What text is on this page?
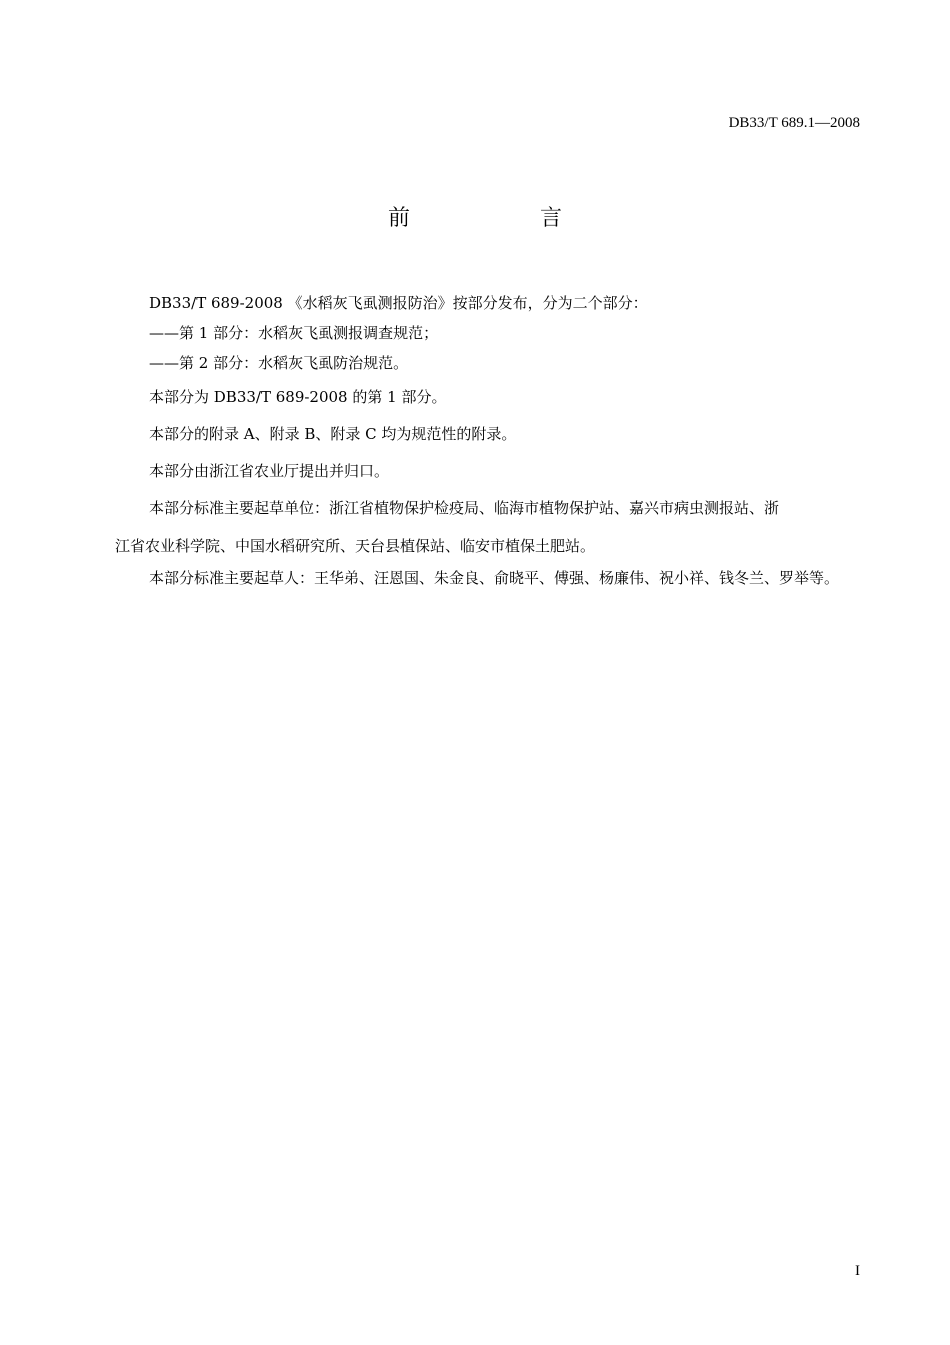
DB33/T 689.1—2008
前　言
DB33/T 689-2008 《水稻灰飞虱测报防治》按部分发布，分为二个部分：
——第 1 部分：水稻灰飞虱测报调查规范；
——第 2 部分：水稻灰飞虱防治规范。
本部分为 DB33/T 689-2008 的第 1 部分。
本部分的附录 A、附录 B、附录 C 均为规范性的附录。
本部分由浙江省农业厅提出并归口。
本部分标准主要起草单位：浙江省植物保护检疫局、临海市植物保护站、嘉兴市病虫测报站、浙
江省农业科学院、中国水稻研究所、天台县植保站、临安市植保土肥站。
本部分标准主要起草人：王华弟、汪恩国、朱金良、俞晓平、傅强、杨廉伟、祝小祥、钱冬兰、罗举等。
I
